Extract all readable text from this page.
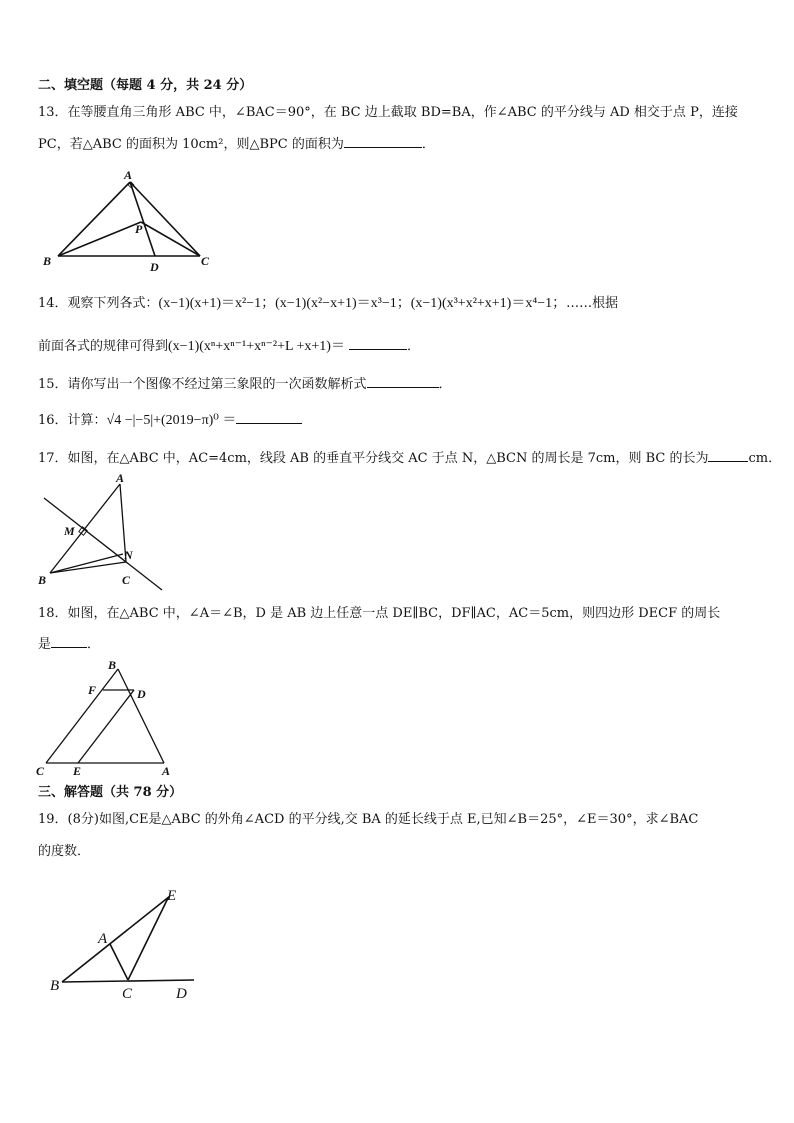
二、填空题（每题 4 分，共 24 分）
13．在等腰直角三角形 ABC 中，∠BAC＝90°，在 BC 边上截取 BD=BA，作∠ABC 的平分线与 AD 相交于点 P，连接
PC，若△ABC 的面积为 10cm²，则△BPC 的面积为	．
A
B	C
D
P
14．观察下列各式：(x−1)(x+1)＝x²−1；(x−1)(x²−x+1)＝x³−1；(x−1)(x³+x²+x+1)＝x⁴−1；……根据
前面各式的规律可得到(x−1)(xⁿ+xⁿ⁻¹+xⁿ⁻²+L +x+1)＝	．
15．请你写出一个图像不经过第三象限的一次函数解析式	．
16．计算：√4 −|−5|+(2019−π)⁰ ＝
17．如图，在△ABC 中，AC=4cm，线段 AB 的垂直平分线交 AC 于点 N，△BCN 的周长是 7cm，则 BC 的长为	cm．
A
B	C
M
N
18．如图，在△ABC 中，∠A＝∠B，D 是 AB 边上任意一点 DE∥BC，DF∥AC，AC＝5cm，则四边形 DECF 的周长
是	．
B
F	D
C E	A
三、解答题（共 78 分）
19．(8分)如图,CE是△ABC 的外角∠ACD 的平分线,交 BA 的延长线于点 E,已知∠B＝25°，∠E＝30°，求∠BAC
的度数．
E
A
B	C	D
